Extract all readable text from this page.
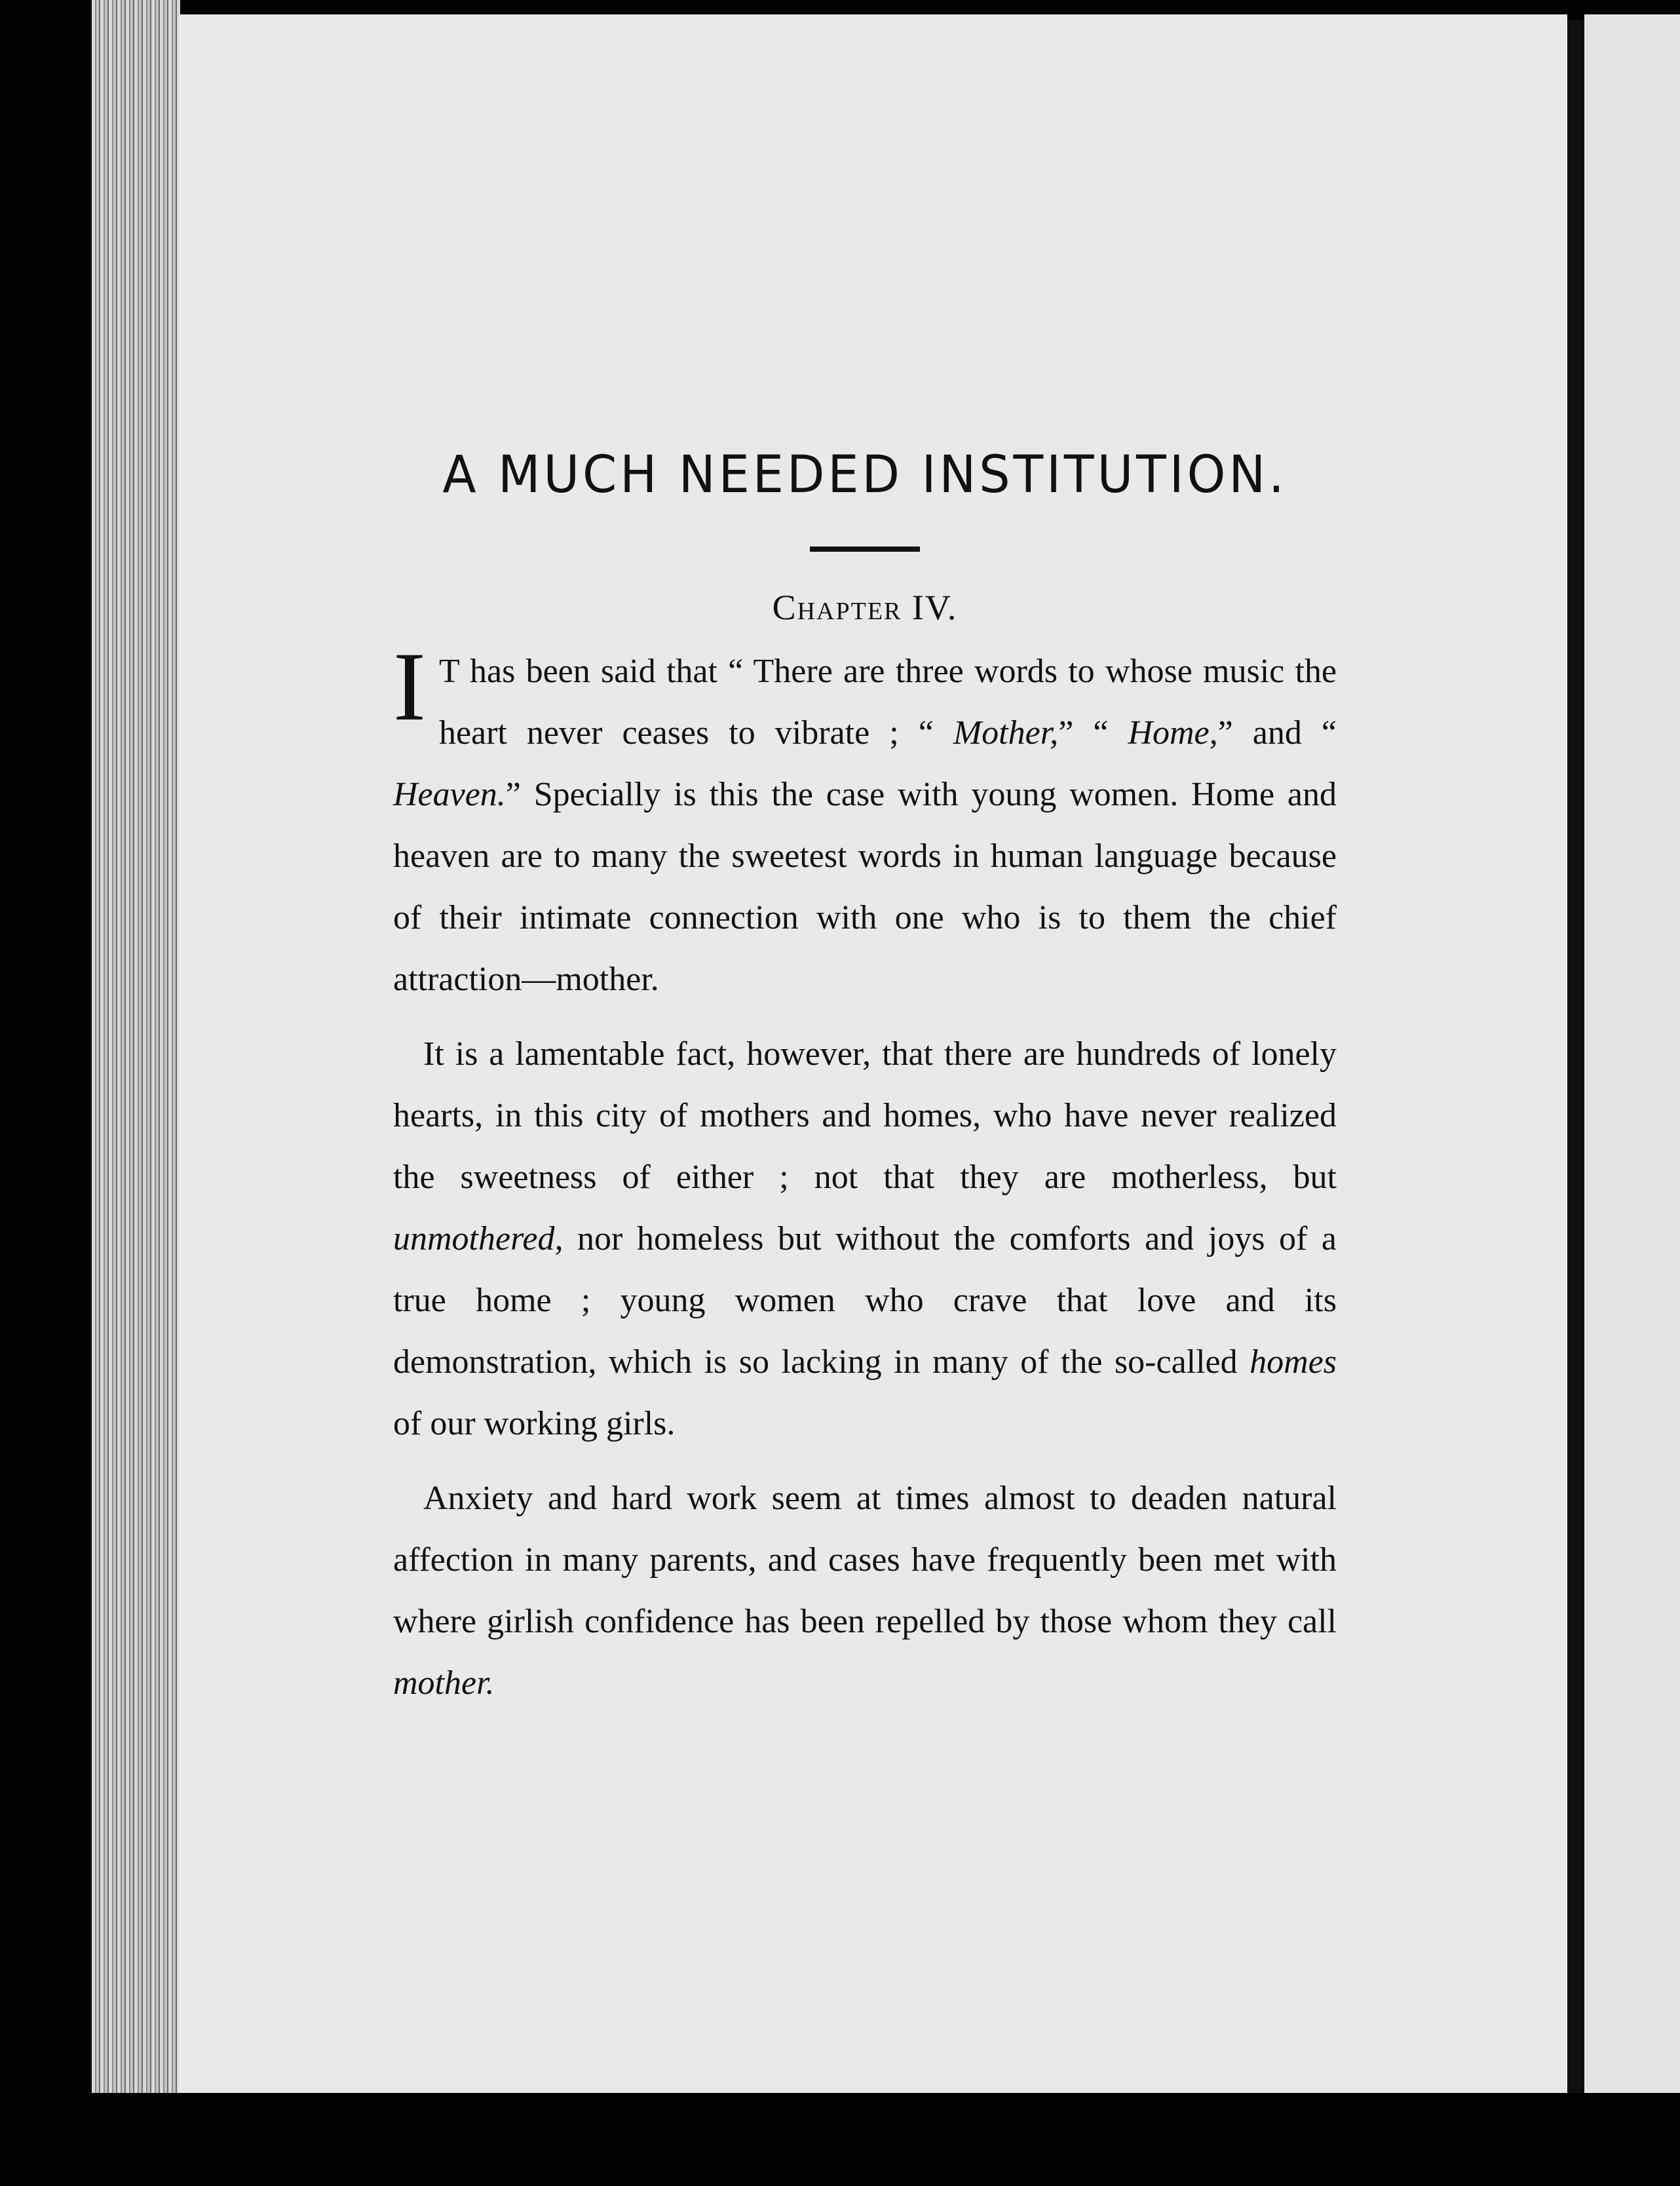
A MUCH NEEDED INSTITUTION.
Chapter IV.

I T has been said that “ There are three words to whose music the heart never ceases to vibrate ; “ Mother,” “ Home,” and “ Heaven.” Specially is this the case with young women. Home and heaven are to many the sweetest words in human language because of their intimate connection with one who is to them the chief attraction—mother.

It is a lamentable fact, however, that there are hundreds of lonely hearts, in this city of mothers and homes, who have never realized the sweetness of either ; not that they are motherless, but unmothered, nor homeless but without the comforts and joys of a true home ; young women who crave that love and its demonstration, which is so lacking in many of the so-called homes of our working girls.

Anxiety and hard work seem at times almost to deaden natural affection in many parents, and cases have frequently been met with where girlish confidence has been repelled by those whom they call mother.
